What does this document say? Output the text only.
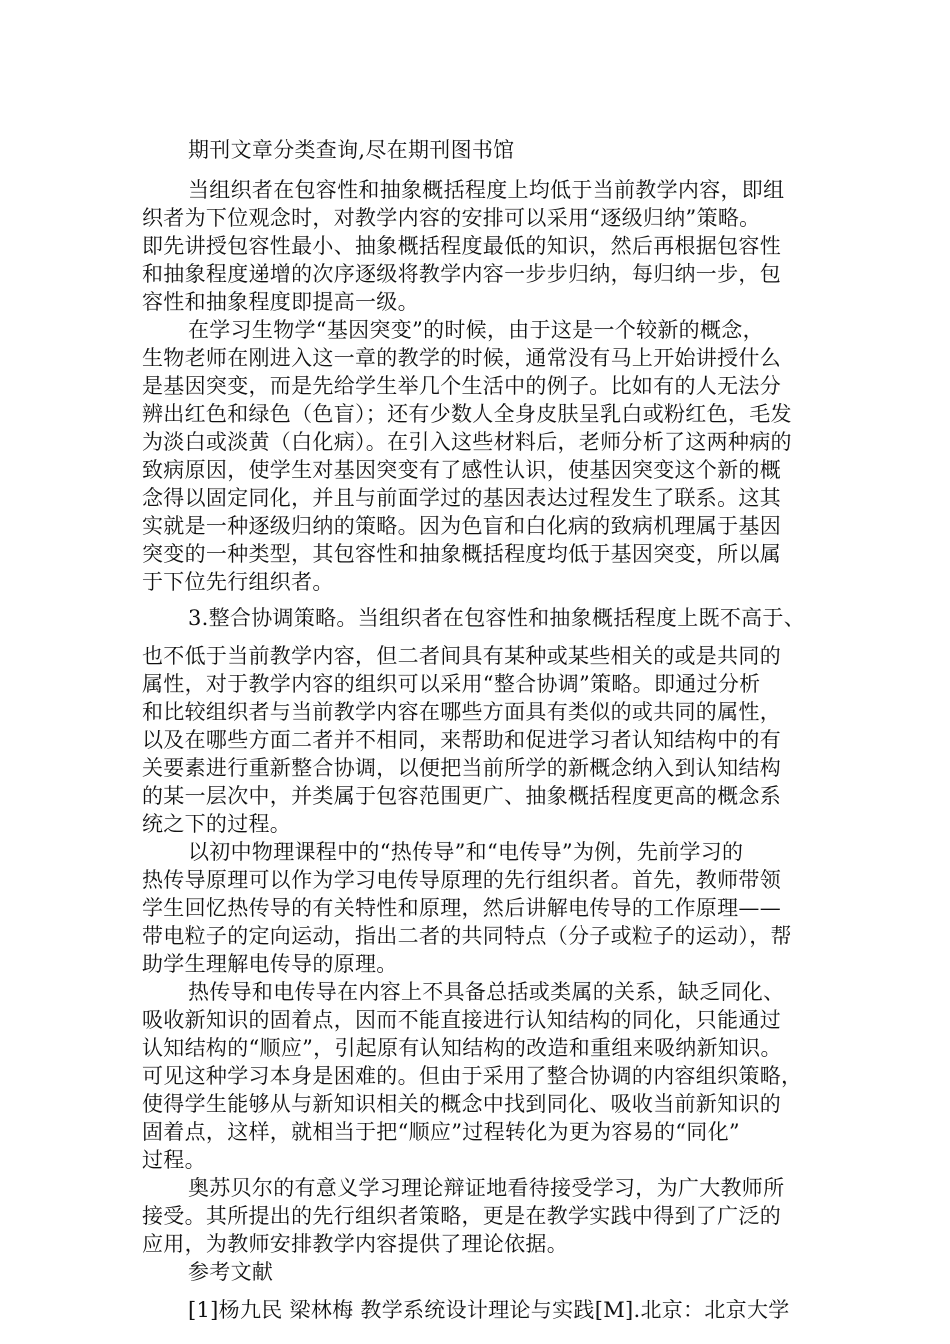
期刊文章分类查询,尽在期刊图书馆
当组织者在包容性和抽象概括程度上均低于当前教学内容，即组
织者为下位观念时，对教学内容的安排可以采用“逐级归纳”策略。
即先讲授包容性最小、抽象概括程度最低的知识，然后再根据包容性
和抽象程度递增的次序逐级将教学内容一步步归纳，每归纳一步，包
容性和抽象程度即提高一级。
在学习生物学“基因突变”的时候，由于这是一个较新的概念，
生物老师在刚进入这一章的教学的时候，通常没有马上开始讲授什么
是基因突变，而是先给学生举几个生活中的例子。比如有的人无法分
辨出红色和绿色（色盲）；还有少数人全身皮肤呈乳白或粉红色，毛发
为淡白或淡黄（白化病）。在引入这些材料后，老师分析了这两种病的
致病原因，使学生对基因突变有了感性认识，使基因突变这个新的概
念得以固定同化，并且与前面学过的基因表达过程发生了联系。这其
实就是一种逐级归纳的策略。因为色盲和白化病的致病机理属于基因
突变的一种类型，其包容性和抽象概括程度均低于基因突变，所以属
于下位先行组织者。
3.整合协调策略。当组织者在包容性和抽象概括程度上既不高于、
也不低于当前教学内容，但二者间具有某种或某些相关的或是共同的
属性，对于教学内容的组织可以采用“整合协调”策略。即通过分析
和比较组织者与当前教学内容在哪些方面具有类似的或共同的属性，
以及在哪些方面二者并不相同，来帮助和促进学习者认知结构中的有
关要素进行重新整合协调，以便把当前所学的新概念纳入到认知结构
的某一层次中，并类属于包容范围更广、抽象概括程度更高的概念系
统之下的过程。
以初中物理课程中的“热传导”和“电传导”为例，先前学习的
热传导原理可以作为学习电传导原理的先行组织者。首先，教师带领
学生回忆热传导的有关特性和原理，然后讲解电传导的工作原理——
带电粒子的定向运动，指出二者的共同特点（分子或粒子的运动），帮
助学生理解电传导的原理。
热传导和电传导在内容上不具备总括或类属的关系，缺乏同化、
吸收新知识的固着点，因而不能直接进行认知结构的同化，只能通过
认知结构的“顺应”，引起原有认知结构的改造和重组来吸纳新知识。
可见这种学习本身是困难的。但由于采用了整合协调的内容组织策略，
使得学生能够从与新知识相关的概念中找到同化、吸收当前新知识的
固着点，这样，就相当于把“顺应”过程转化为更为容易的“同化”
过程。
奥苏贝尔的有意义学习理论辩证地看待接受学习，为广大教师所
接受。其所提出的先行组织者策略，更是在教学实践中得到了广泛的
应用，为教师安排教学内容提供了理论依据。
参考文献
[1]杨九民 梁林梅 教学系统设计理论与实践[M].北京：北京大学
